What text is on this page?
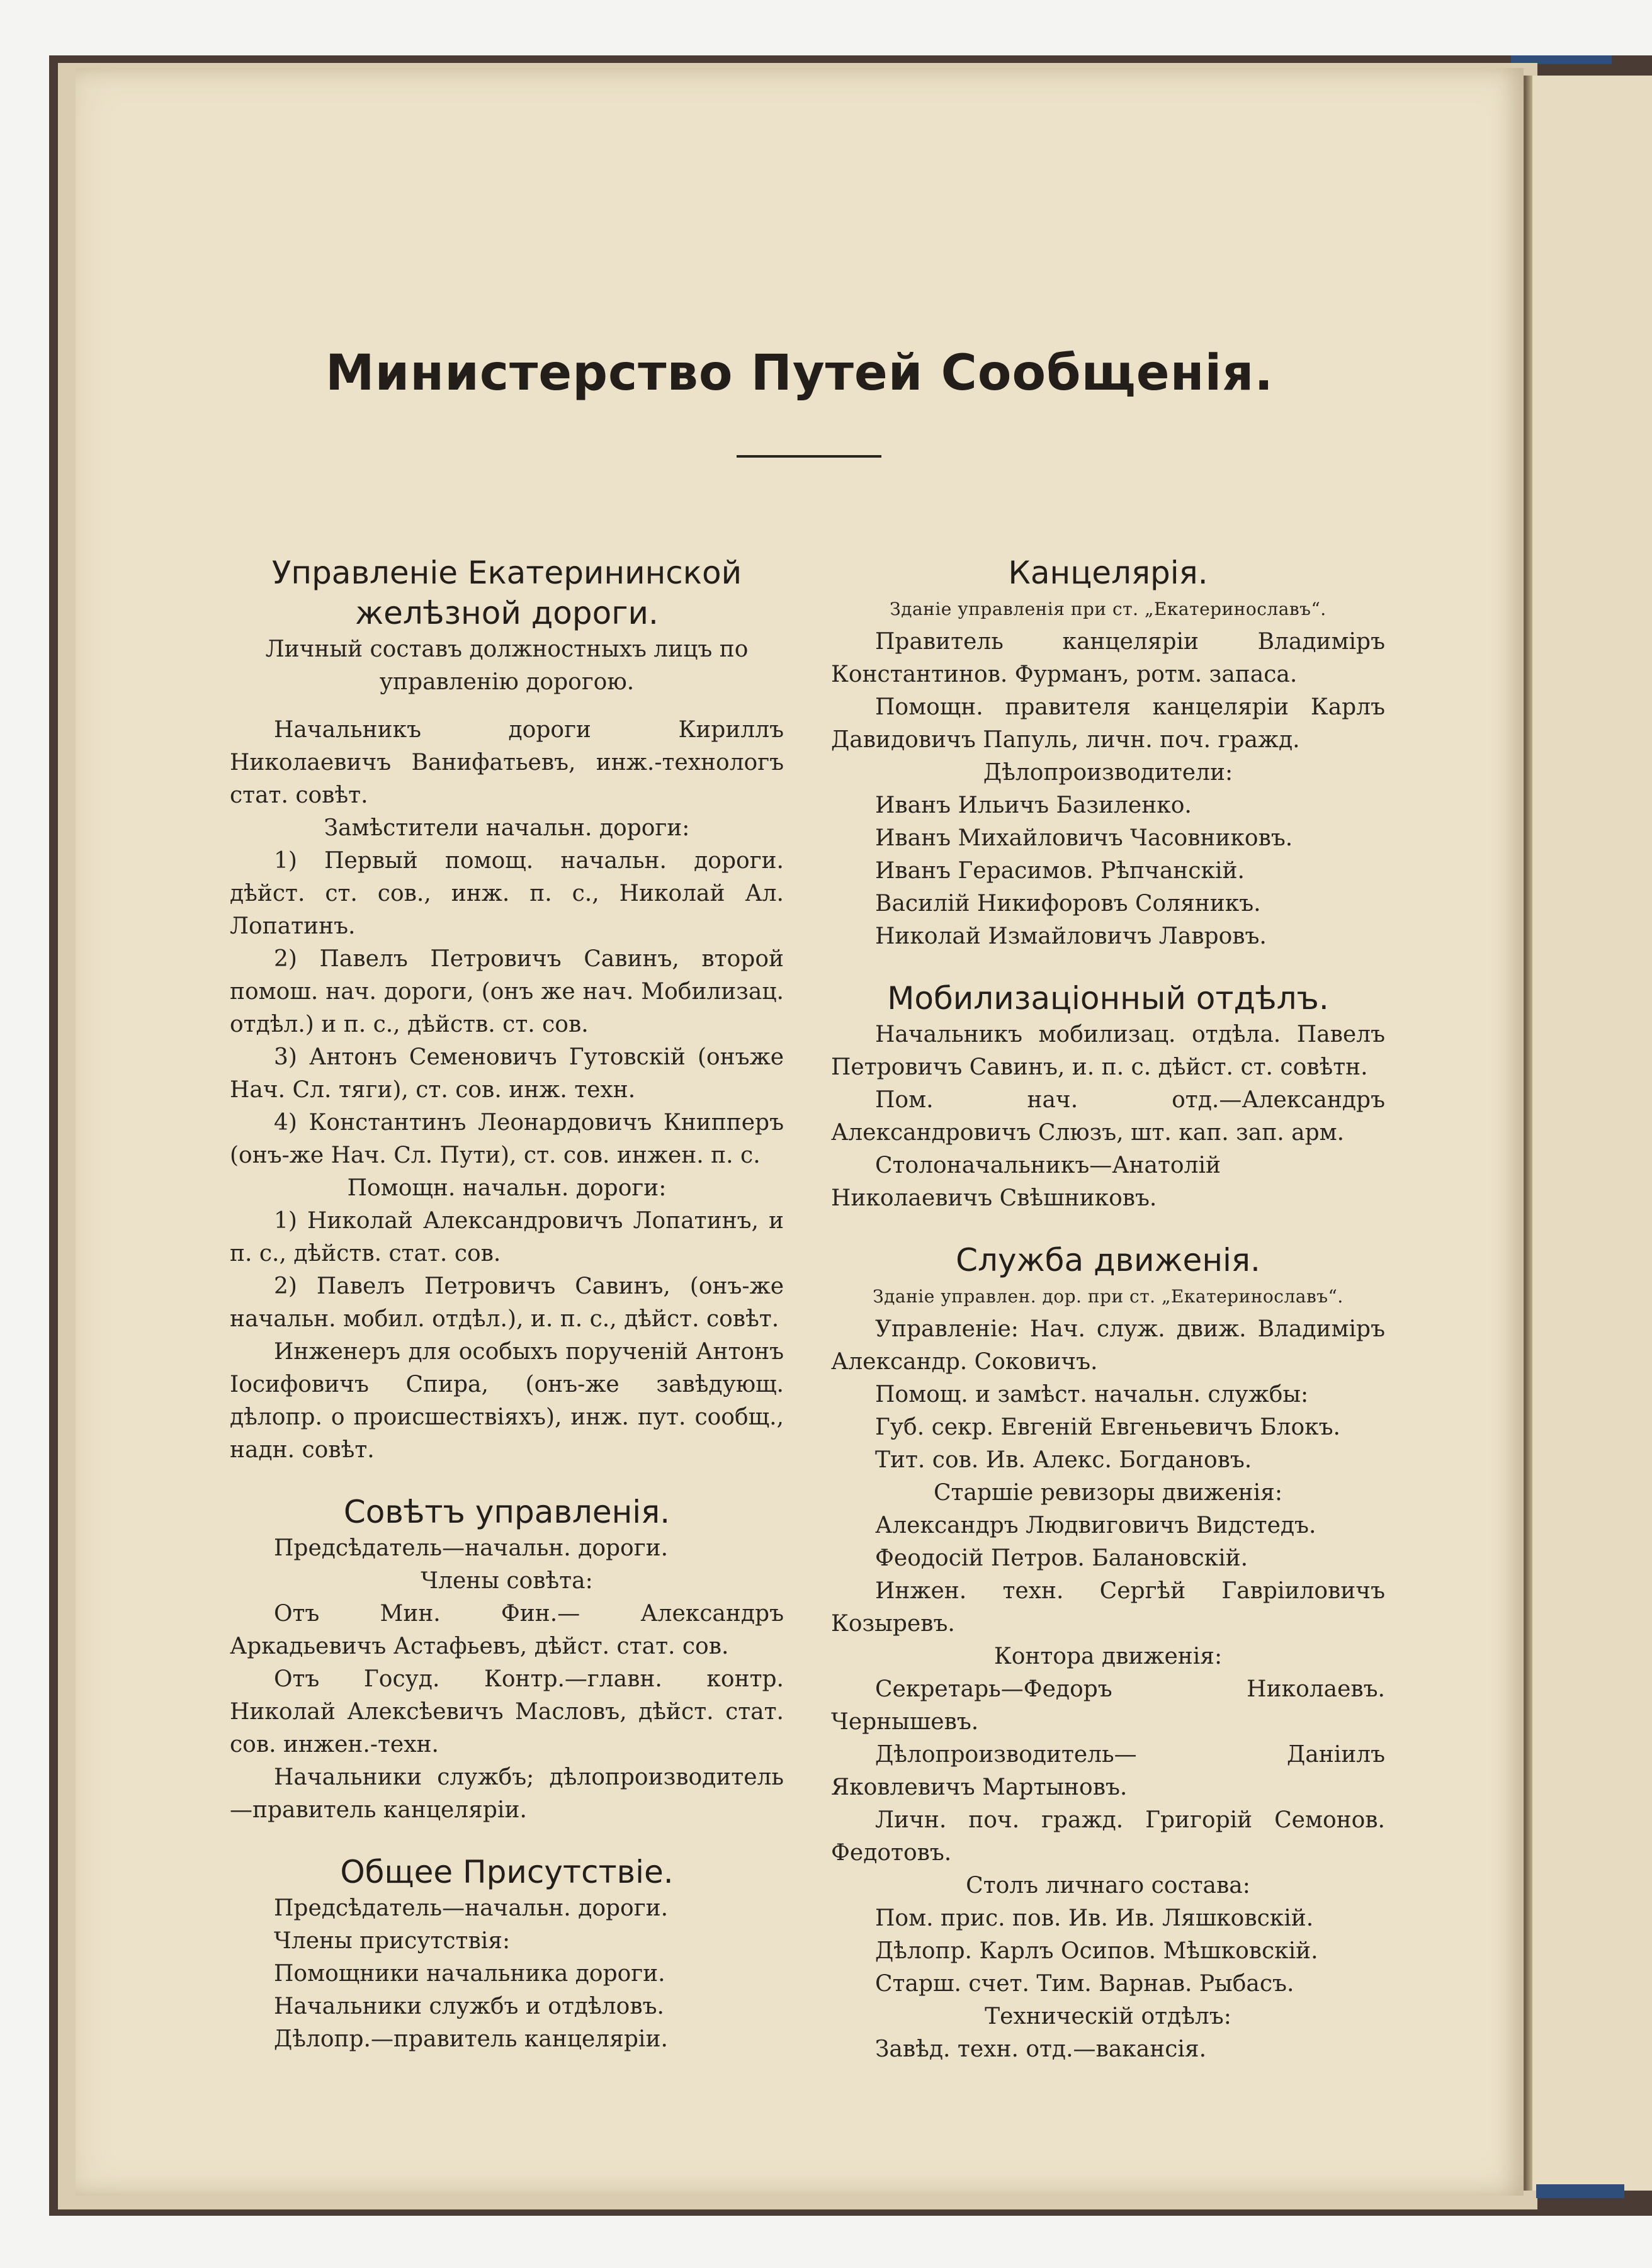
Министерство Путей Сообщенія.

Управленіе Екатерининской желѣзной дороги.

Личный составъ должностныхъ лицъ по управленію дорогою.

Начальникъ дороги Кириллъ Николаевичъ Ванифатьевъ, инж.-технологъ стат. совѣт.

Замѣстители начальн. дороги:

1) Первый помощ. начальн. дороги. дѣйст. ст. сов., инж. п. с., Николай Ал. Лопатинъ.

2) Павелъ Петровичъ Савинъ, второй помош. нач. дороги, (онъ же нач. Мобилизац. отдѣл.) и п. с., дѣйств. ст. сов.

3) Антонъ Семеновичъ Гутовскій (онъже Нач. Сл. тяги), ст. сов. инж. техн.

4) Константинъ Леонардовичъ Книпперъ (онъ-же Нач. Сл. Пути), ст. сов. инжен. п. с.

Помощн. начальн. дороги:

1) Николай Александровичъ Лопатинъ, и п. с., дѣйств. стат. сов.

2) Павелъ Петровичъ Савинъ, (онъ-же начальн. мобил. отдѣл.), и. п. с., дѣйст. совѣт.

Инженеръ для особыхъ порученій Антонъ Іосифовичъ Спира, (онъ-же завѣдующ. дѣлопр. о происшествіяхъ), инж. пут. сообщ., надн. совѣт.

Совѣтъ управленія.

Предсѣдатель—начальн. дороги.

Члены совѣта:

Отъ Мин. Фин.— Александръ Аркадьевичъ Астафьевъ, дѣйст. стат. сов.

Отъ Госуд. Контр.—главн. контр. Николай Алексѣевичъ Масловъ, дѣйст. стат. сов. инжен.-техн.

Начальники службъ; дѣлопроизводитель—правитель канцеляріи.

Общее Присутствіе.

Предсѣдатель—начальн. дороги.

Члены присутствія:

Помощники начальника дороги.

Начальники службъ и отдѣловъ.

Дѣлопр.—правитель канцеляріи.

Канцелярія.

Зданіе управленія при ст. „Екатеринославъ“.

Правитель канцеляріи Владиміръ Константинов. Фурманъ, ротм. запаса.

Помощн. правителя канцеляріи Карлъ Давидовичъ Папуль, личн. поч. гражд.

Дѣлопроизводители:

Иванъ Ильичъ Базиленко.

Иванъ Михайловичъ Часовниковъ.

Иванъ Герасимов. Рѣпчанскій.

Василій Никифоровъ Соляникъ.

Николай Измайловичъ Лавровъ.

Мобилизаціонный отдѣлъ.

Начальникъ мобилизац. отдѣла. Павелъ Петровичъ Савинъ, и. п. с. дѣйст. ст. совѣтн.

Пом. нач. отд.—Александръ Александровичъ Слюзъ, шт. кап. зап. арм.

Столоначальникъ—Анатолій Николаевичъ Свѣшниковъ.

Служба движенія.

Зданіе управлен. дор. при ст. „Екатеринославъ“.

Управленіе: Нач. служ. движ. Владиміръ Александр. Соковичъ.

Помощ. и замѣст. начальн. службы:

Губ. секр. Евгеній Евгеньевичъ Блокъ.

Тит. сов. Ив. Алекс. Богдановъ.

Старшіе ревизоры движенія:

Александръ Людвиговичъ Видстедъ.

Феодосій Петров. Балановскій.

Инжен. техн. Сергѣй Гавріиловичъ Козыревъ.

Контора движенія:

Секретарь—Федоръ Николаевъ. Чернышевъ.

Дѣлопроизводитель— Даніилъ Яковлевичъ Мартыновъ.

Личн. поч. гражд. Григорій Семонов. Федотовъ.

Столъ личнаго состава:

Пом. прис. пов. Ив. Ив. Ляшковскій.

Дѣлопр. Карлъ Осипов. Мѣшковскій.

Старш. счет. Тим. Варнав. Рыбасъ.

Техническій отдѣлъ:

Завѣд. техн. отд.—вакансія.
